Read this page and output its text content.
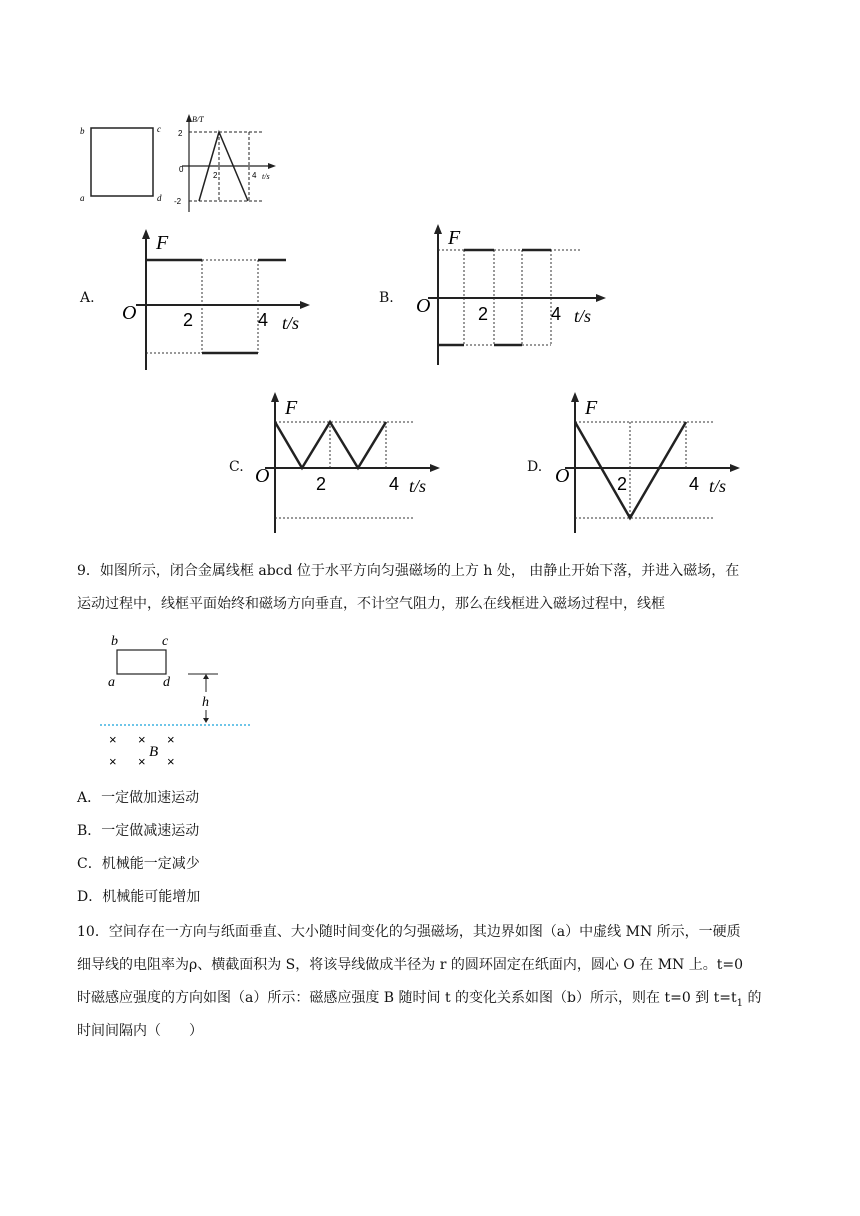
b	c
a	d
B/T
t/s
0
2
-2
2	4
A.
F
O	2	4 t/s
B.
F
O	2	4 t/s
C.
F
O	2	4 t/s
D.
F
O	2	4 t/s
9．如图所示，闭合金属线框 abcd 位于水平方向匀强磁场的上方 h 处， 由静止开始下落，并进入磁场，在
运动过程中，线框平面始终和磁场方向垂直，不计空气阻力，那么在线框进入磁场过程中，线框
b	c
a	d
h
× × ×
B
× × ×
A．一定做加速运动
B．一定做减速运动
C．机械能一定减少
D．机械能可能增加
10．空间存在一方向与纸面垂直、大小随时间变化的匀强磁场，其边界如图（a）中虚线 MN 所示，一硬质
细导线的电阻率为ρ、横截面积为 S，将该导线做成半径为 r 的圆环固定在纸面内，圆心 O 在 MN 上。t=0
时磁感应强度的方向如图（a）所示：磁感应强度 B 随时间 t 的变化关系如图（b）所示，则在 t=0 到 $t=t_1$ 的
时间间隔内（　　）
